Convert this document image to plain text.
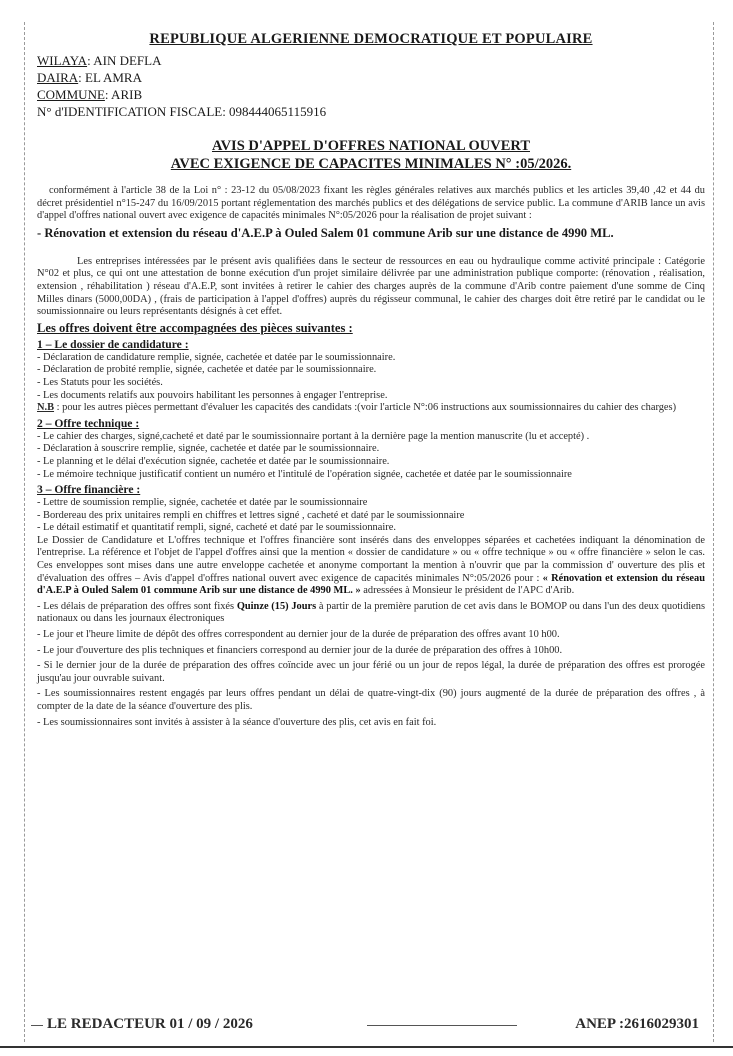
REPUBLIQUE ALGERIENNE DEMOCRATIQUE ET POPULAIRE
WILAYA: AIN DEFLA
DAIRA: EL AMRA
COMMUNE: ARIB
N° d'IDENTIFICATION FISCALE: 098444065115916
AVIS D'APPEL D'OFFRES NATIONAL OUVERT
AVEC EXIGENCE DE CAPACITES MINIMALES N° :05/2026.

conformément à l'article 38 de la Loi n° : 23-12 du 05/08/2023 fixant les règles générales relatives aux marchés publics et les articles 39,40 ,42 et 44 du décret présidentiel n°15-247 du 16/09/2015 portant réglementation des marchés publics et des délégations de service public. La commune d'ARIB lance un avis d'appel d'offres national ouvert avec exigence de capacités minimales N°:05/2026 pour la réalisation de projet suivant :

- Rénovation et extension du réseau d'A.E.P à Ouled Salem 01 commune Arib sur une distance de 4990 ML.

Les entreprises intéressées par le présent avis qualifiées dans le secteur de ressources en eau ou hydraulique comme activité principale : Catégorie N°02 et plus, ce qui ont une attestation de bonne exécution d'un projet similaire délivrée par une administration publique comporte: (rénovation , réalisation, extension , réhabilitation ) réseau d'A.E.P, sont invitées à retirer le cahier des charges auprès de la commune d'Arib contre paiement d'une somme de Cinq Milles dinars (5000,00DA) , (frais de participation à l'appel d'offres) auprès du régisseur communal, le cahier des charges doit être retiré par le candidat ou le soumissionnaire ou leurs représentants désignés à cet effet.

Les offres doivent être accompagnées des pièces suivantes :
1 – Le dossier de candidature :
- Déclaration de candidature remplie, signée, cachetée et datée par le soumissionnaire.
- Déclaration de probité remplie, signée, cachetée et datée par le soumissionnaire.
- Les Statuts pour les sociétés.
- Les documents relatifs aux pouvoirs habilitant les personnes à engager l'entreprise.

N.B : pour les autres pièces permettant d'évaluer les capacités des candidats :(voir l'article N°:06 instructions aux soumissionnaires du cahier des charges)

2 – Offre technique :
- Le cahier des charges, signé,cacheté et daté par le soumissionnaire portant à la dernière page la mention manuscrite (lu et accepté) .
- Déclaration à souscrire remplie, signée, cachetée et datée par le soumissionnaire.
- Le planning et le délai d'exécution signée, cachetée et datée par le soumissionnaire.
- Le mémoire technique justificatif contient un numéro et l'intitulé de l'opération signée, cachetée et datée par le soumissionnaire
3 – Offre financière :
- Lettre de soumission remplie, signée, cachetée et datée par le soumissionnaire
- Bordereau des prix unitaires rempli en chiffres et lettres signé , cacheté et daté par le soumissionnaire
- Le détail estimatif et quantitatif rempli, signé, cacheté et daté par le soumissionnaire.

Le Dossier de Candidature et L'offres technique et l'offres financière sont insérés dans des enveloppes séparées et cachetées indiquant la dénomination de l'entreprise. La référence et l'objet de l'appel d'offres ainsi que la mention « dossier de candidature » ou « offre technique » ou « offre financière » selon le cas. Ces enveloppes sont mises dans une autre enveloppe cachetée et anonyme comportant la mention à n'ouvrir que par la commission d' ouverture des plis et d'évaluation des offres – Avis d'appel d'offres national ouvert avec exigence de capacités minimales N°:05/2026 pour : « Rénovation et extension du réseau d'A.E.P à Ouled Salem 01 commune Arib sur une distance de 4990 ML. » adressées à Monsieur le président de l'APC d'Arib.

- Les délais de préparation des offres sont fixés Quinze (15) Jours à partir de la première parution de cet avis dans le BOMOP ou dans l'un des deux quotidiens nationaux ou dans les journaux électroniques

- Le jour et l'heure limite de dépôt des offres correspondent au dernier jour de la durée de préparation des offres avant 10 h00.

- Le jour d'ouverture des plis techniques et financiers correspond au dernier jour de la durée de préparation des offres à 10h00.

- Si le dernier jour de la durée de préparation des offres coïncide avec un jour férié ou un jour de repos légal, la durée de préparation des offres est prorogée jusqu'au jour ouvrable suivant.

- Les soumissionnaires restent engagés par leurs offres pendant un délai de quatre-vingt-dix (90) jours augmenté de la durée de préparation des offres , à compter de la date de la séance d'ouverture des plis.

- Les soumissionnaires sont invités à assister à la séance d'ouverture des plis, cet avis en fait foi.

LE REDACTEUR 01 / 09 / 2026	ANEP :2616029301
